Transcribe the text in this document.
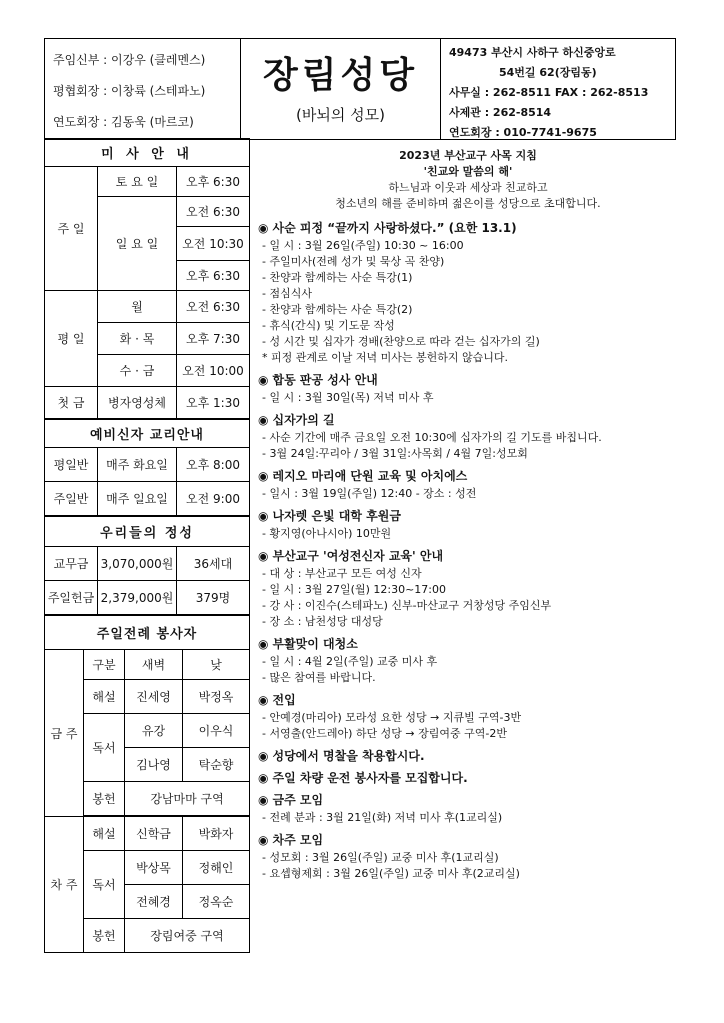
주임신부 : 이강우 (클레멘스)
평협회장 : 이창륙 (스테파노)
연도회장 : 김동욱 (마르코)
장림성당
(바뇌의 성모)
49473 부산시 사하구 하신중앙로
54번길 62(장림동)
사무실 : 262-8511 FAX : 262-8513
사제관 : 262-8514
연도회장 : 010-7741-9675
미 사 안 내		
주 일	토 요 일	오후 6:30
	일 요 일	오전 6:30
		오전 10:30
		오후 6:30
평 일	월	오전 6:30
	화 · 목	오후 7:30
	수 · 금	오전 10:00
첫 금	병자영성체	오후 1:30
예비신자 교리안내		
평일반	매주 화요일	오후 8:00
주일반	매주 일요일	오전 9:00
우리들의 정성		
교무금	3,070,000원	36세대
주일헌금	2,379,000원	379명
주일전례 봉사자			
금 주	구분	새벽	낮
	해설	진세영	박정옥
	독서	유강	이우식
		김나영	탁순향
	봉헌	강남마마 구역	

차 주	해설	신학금	박화자
	독서	박상목	정해인
		전혜경	정옥순
	봉헌	장림여중 구역	
2023년 부산교구 사목 지침
'친교와 말씀의 해'
하느님과 이웃과 세상과 친교하고
청소년의 해를 준비하며 젊은이를 성당으로 초대합니다.
◉ 사순 피정 “끝까지 사랑하셨다.” (요한 13.1)
- 일 시 : 3월 26일(주일) 10:30 ~ 16:00
- 주일미사(전례 성가 및 묵상 곡 찬양)
- 찬양과 함께하는 사순 특강(1)
- 점심식사
- 찬양과 함께하는 사순 특강(2)
- 휴식(간식) 및 기도문 작성
- 성 시간 및 십자가 경배(찬양으로 따라 걷는 십자가의 길)
* 피정 관계로 이날 저녁 미사는 봉헌하지 않습니다.
◉ 합동 판공 성사 안내
- 일 시 : 3월 30일(목) 저녁 미사 후
◉ 십자가의 길
- 사순 기간에 매주 금요일 오전 10:30에 십자가의 길 기도를 바칩니다.
- 3월 24일:꾸리아 / 3월 31일:사목회 / 4월 7일:성모회
◉ 레지오 마리애 단원 교육 및 아치에스
- 일시 : 3월 19일(주일) 12:40 - 장소 : 성전
◉ 나자렛 은빛 대학 후원금
- 황지영(아나시아) 10만원
◉ 부산교구 '여성전신자 교육' 안내
- 대 상 : 부산교구 모든 여성 신자
- 일 시 : 3월 27일(월) 12:30~17:00
- 강 사 : 이진수(스테파노) 신부-마산교구 거창성당 주임신부
- 장 소 : 남천성당 대성당
◉ 부활맞이 대청소
- 일 시 : 4월 2일(주일) 교중 미사 후
- 많은 참여를 바랍니다.
◉ 전입
- 안예경(마리아) 모라성 요한 성당 → 지큐빌 구역-3반
- 서영출(안드레아) 하단 성당 → 장림여중 구역-2반
◉ 성당에서 명찰을 착용합시다.
◉ 주일 차량 운전 봉사자를 모집합니다.
◉ 금주 모임
- 전례 분과 : 3월 21일(화) 저녁 미사 후(1교리실)
◉ 차주 모임
- 성모회 : 3월 26일(주일) 교중 미사 후(1교리실)
- 요셉형제회 : 3월 26일(주일) 교중 미사 후(2교리실)
